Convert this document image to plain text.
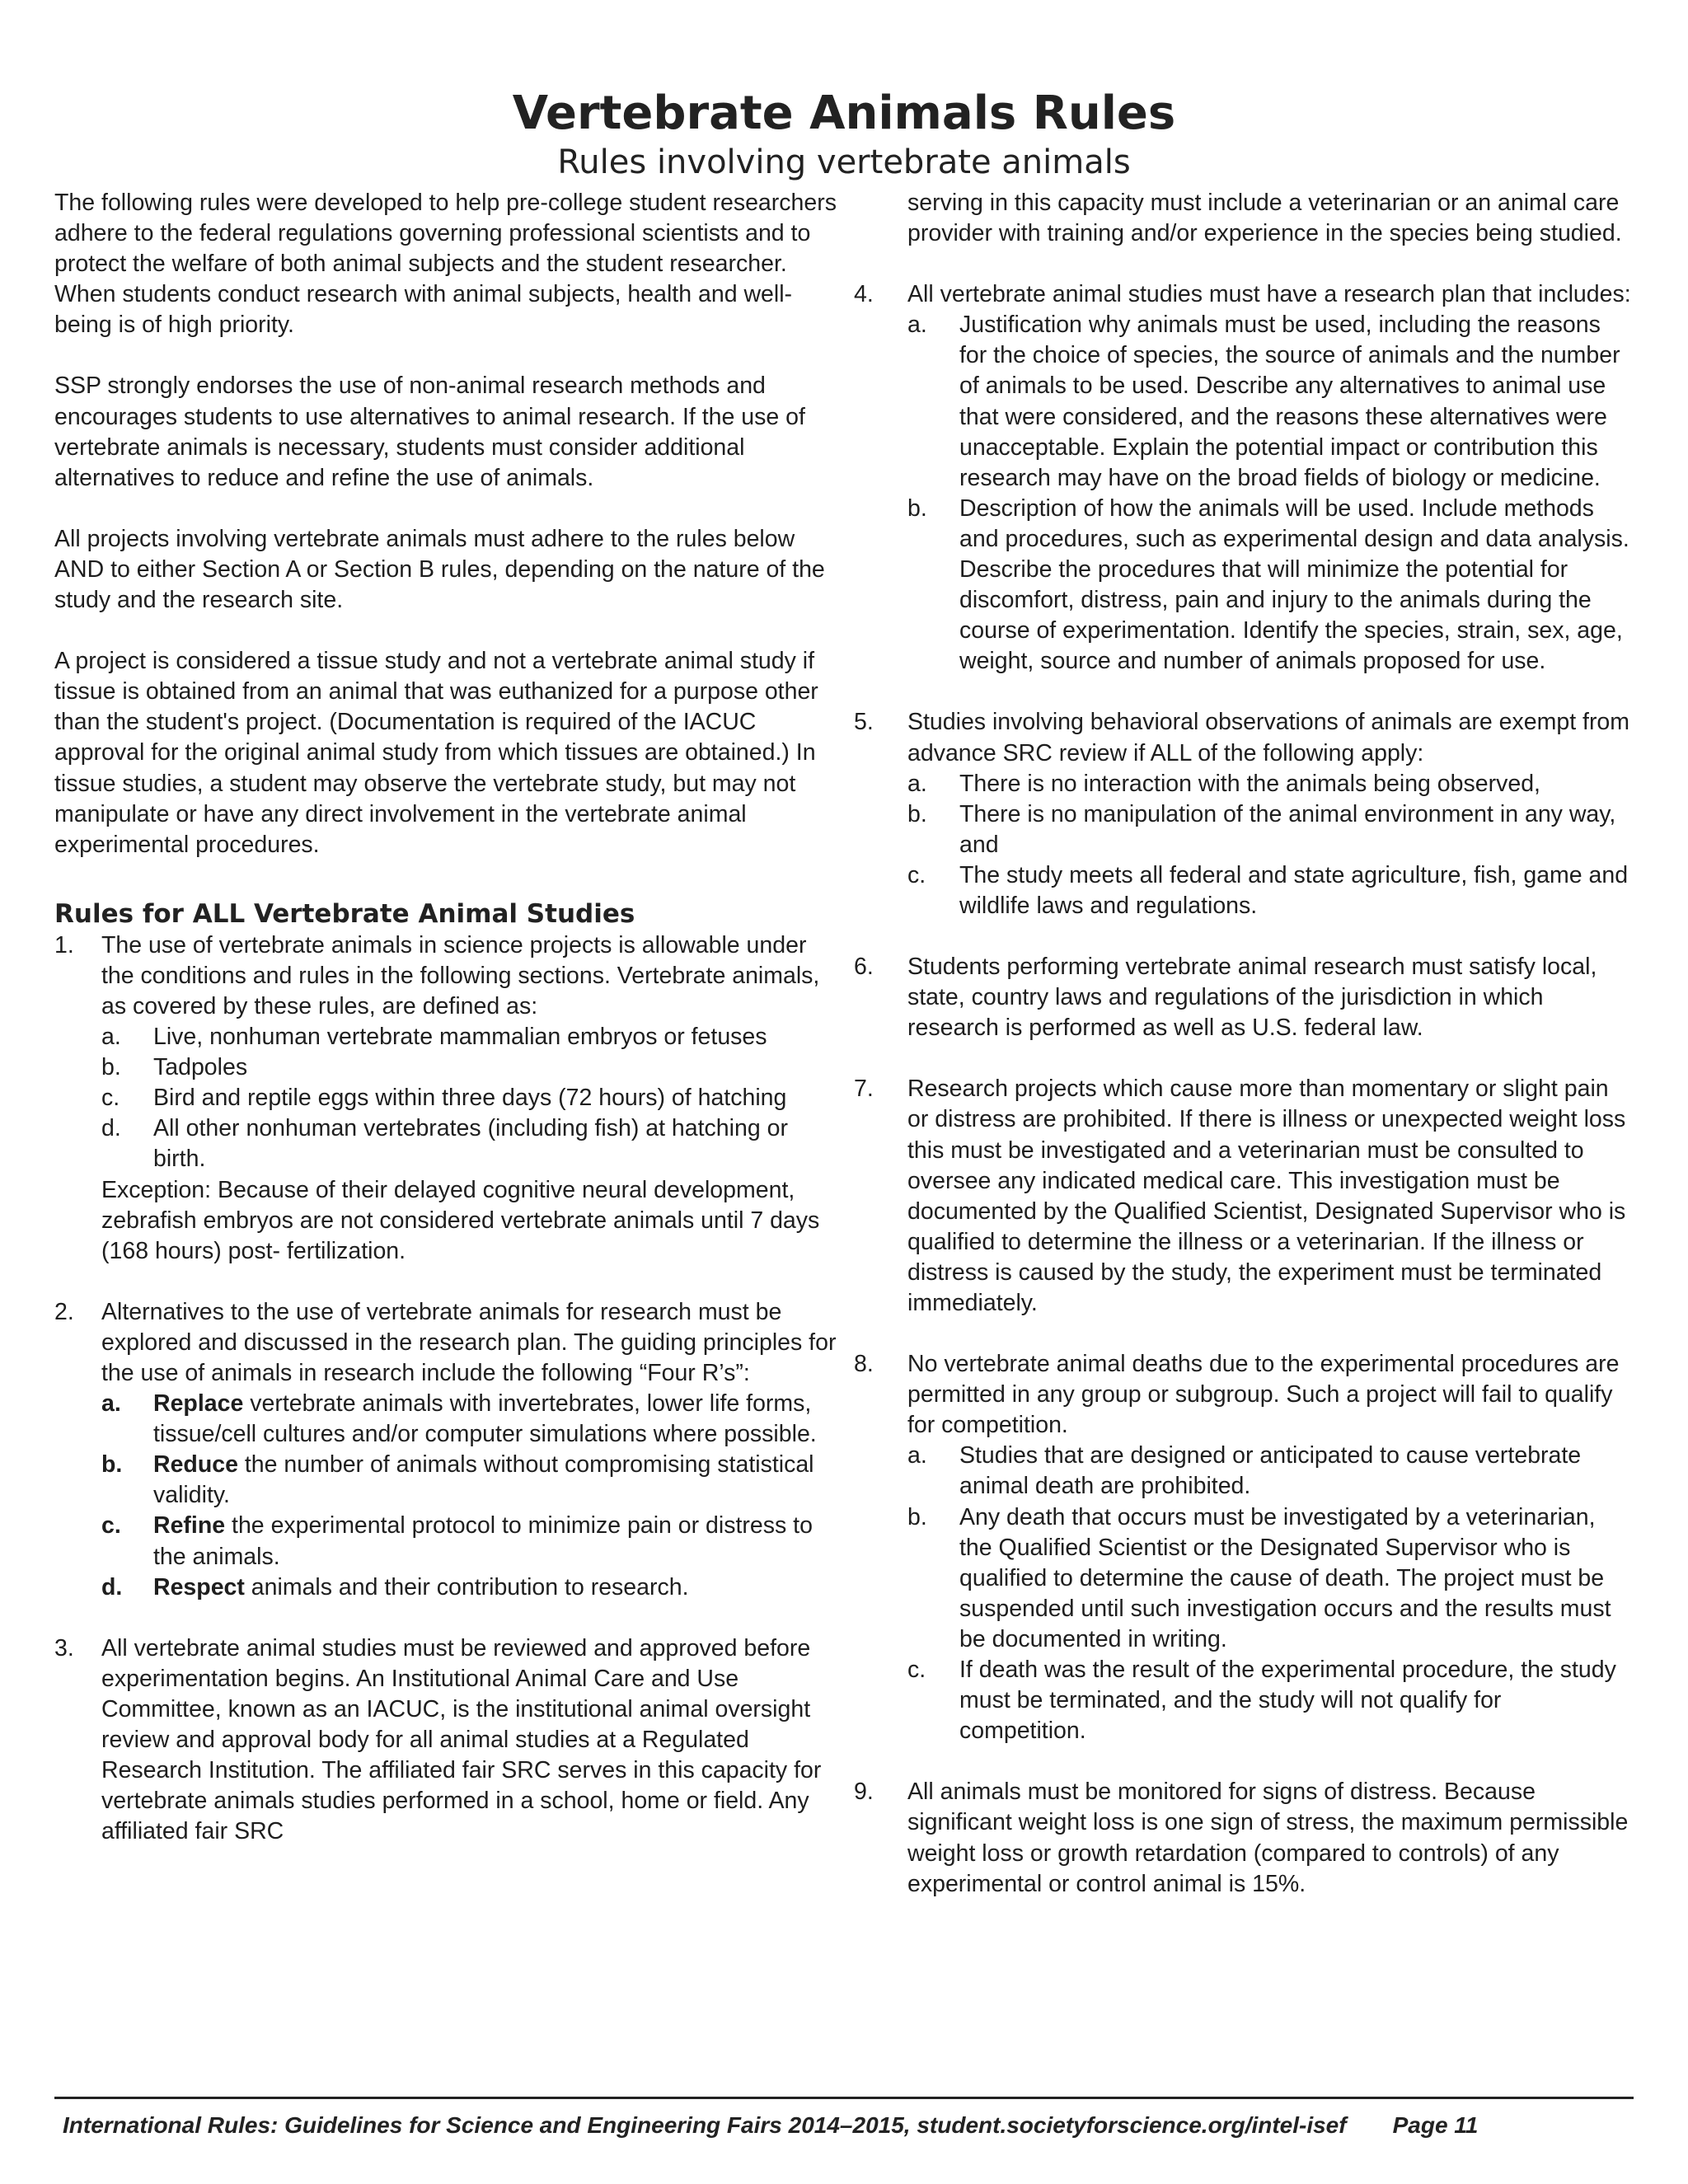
Vertebrate Animals Rules
Rules involving vertebrate animals

The following rules were developed to help pre-college student researchers adhere to the federal regulations governing professional scientists and to protect the welfare of both animal subjects and the student researcher. When students conduct research with animal subjects, health and well-being is of high priority.

SSP strongly endorses the use of non-animal research methods and encourages students to use alternatives to animal research. If the use of vertebrate animals is necessary, students must consider additional alternatives to reduce and refine the use of animals.

All projects involving vertebrate animals must adhere to the rules below AND to either Section A or Section B rules, depending on the nature of the study and the research site.

A project is considered a tissue study and not a vertebrate animal study if tissue is obtained from an animal that was euthanized for a purpose other than the student's project. (Documentation is required of the IACUC approval for the original animal study from which tissues are obtained.) In tissue studies, a student may observe the vertebrate study, but may not manipulate or have any direct involvement in the vertebrate animal experimental procedures.

Rules for ALL Vertebrate Animal Studies
1.	The use of vertebrate animals in science projects is allowable under the conditions and rules in the following sections. Vertebrate animals, as covered by these rules, are defined as:

a.	Live, nonhuman vertebrate mammalian embryos or fetuses
b.	Tadpoles
c.	Bird and reptile eggs within three days (72 hours) of hatching
d.	All other nonhuman vertebrates (including fish) at hatching or birth.

Exception: Because of their delayed cognitive neural development, zebrafish embryos are not considered vertebrate animals until 7 days (168 hours) post- fertilization.

2.	Alternatives to the use of vertebrate animals for research must be explored and discussed in the research plan. The guiding principles for the use of animals in research include the following “Four R’s”:

a.	Replace vertebrate animals with invertebrates, lower life forms, tissue/cell cultures and/or computer simulations where possible.
b.	Reduce the number of animals without compromising statistical validity.
c.	Refine the experimental protocol to minimize pain or distress to the animals.
d.	Respect animals and their contribution to research.
3.	All vertebrate animal studies must be reviewed and approved before experimentation begins. An Institutional Animal Care and Use Committee, known as an IACUC, is the institutional animal oversight review and approval body for all animal studies at a Regulated Research Institution. The affiliated fair SRC serves in this capacity for vertebrate animals studies performed in a school, home or field. Any affiliated fair SRC

serving in this capacity must include a veterinarian or an animal care provider with training and/or experience in the species being studied.

4.	All vertebrate animal studies must have a research plan that includes:

a.	Justification why animals must be used, including the reasons for the choice of species, the source of animals and the number of animals to be used. Describe any alternatives to animal use that were considered, and the reasons these alternatives were unacceptable. Explain the potential impact or contribution this research may have on the broad fields of biology or medicine.
b.	Description of how the animals will be used. Include methods and procedures, such as experimental design and data analysis. Describe the procedures that will minimize the potential for discomfort, distress, pain and injury to the animals during the course of experimentation. Identify the species, strain, sex, age, weight, source and number of animals proposed for use.
5.	Studies involving behavioral observations of animals are exempt from advance SRC review if ALL of the following apply:

a.	There is no interaction with the animals being observed,
b.	There is no manipulation of the animal environment in any way, and
c.	The study meets all federal and state agriculture, fish, game and wildlife laws and regulations.
6.	Students performing vertebrate animal research must satisfy local, state, country laws and regulations of the jurisdiction in which research is performed as well as U.S. federal law.

7.	Research projects which cause more than momentary or slight pain or distress are prohibited. If there is illness or unexpected weight loss this must be investigated and a veterinarian must be consulted to oversee any indicated medical care. This investigation must be documented by the Qualified Scientist, Designated Supervisor who is qualified to determine the illness or a veterinarian. If the illness or distress is caused by the study, the experiment must be terminated immediately.

8.	No vertebrate animal deaths due to the experimental procedures are permitted in any group or subgroup. Such a project will fail to qualify for competition.

a.	Studies that are designed or anticipated to cause vertebrate animal death are prohibited.
b.	Any death that occurs must be investigated by a veterinarian, the Qualified Scientist or the Designated Supervisor who is qualified to determine the cause of death. The project must be suspended until such investigation occurs and the results must be documented in writing.
c.	If death was the result of the experimental procedure, the study must be terminated, and the study will not qualify for competition.
9.	All animals must be monitored for signs of distress. Because significant weight loss is one sign of stress, the maximum permissible weight loss or growth retardation (compared to controls) of any experimental or control animal is 15%.

International Rules: Guidelines for Science and Engineering Fairs 2014–2015, student.societyforscience.org/intel-isef Page 11
